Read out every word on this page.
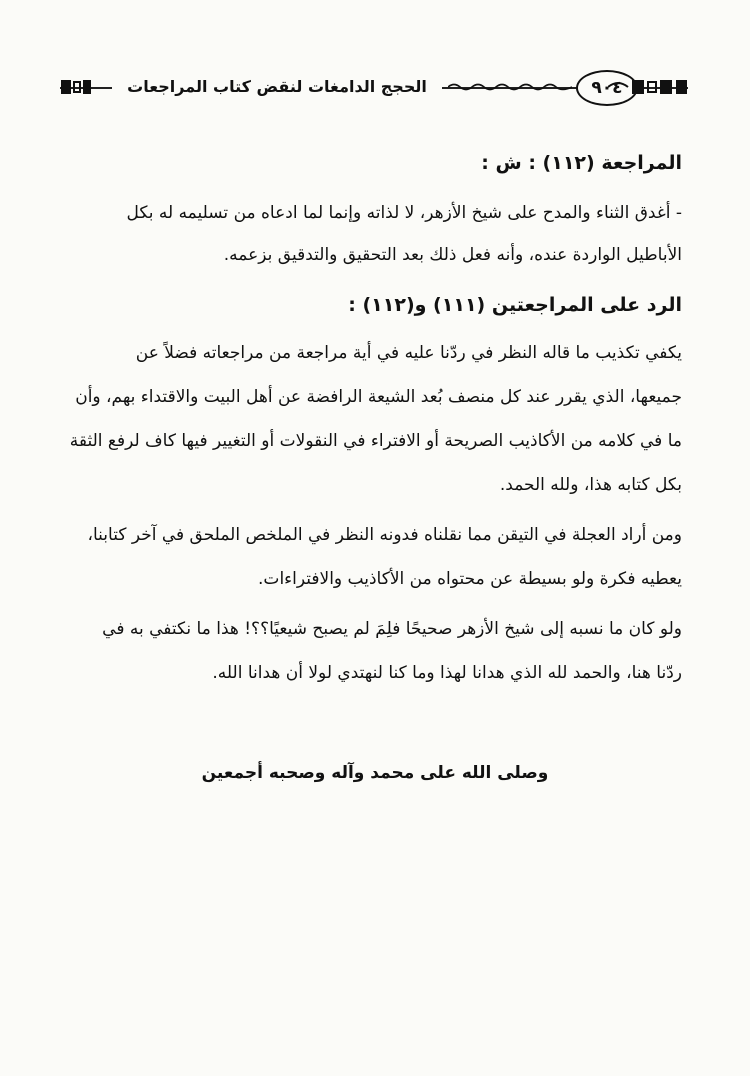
الحجج الدامغات لنقض كتاب المراجعات	٩٠٤
المراجعة (١١٢) : ش :
- أغدق الثناء والمدح على شيخ الأزهر، لا لذاته وإنما لما ادعاه من تسليمه له بكل
الأباطيل الواردة عنده، وأنه فعل ذلك بعد التحقيق والتدقيق بزعمه.
الرد على المراجعتين (١١١) و(١١٢) :
يكفي تكذيب ما قاله النظر في ردّنا عليه في أية مراجعة من مراجعاته فضلاً عن
جميعها، الذي يقرر عند كل منصف بُعد الشيعة الرافضة عن أهل البيت والاقتداء بهم، وأن
ما في كلامه من الأكاذيب الصريحة أو الافتراء في النقولات أو التغيير فيها كاف لرفع الثقة
بكل كتابه هذا، ولله الحمد.
ومن أراد العجلة في التيقن مما نقلناه فدونه النظر في الملخص الملحق في آخر كتابنا،
يعطيه فكرة ولو بسيطة عن محتواه من الأكاذيب والافتراءات.
ولو كان ما نسبه إلى شيخ الأزهر صحيحًا فلِمَ لم يصبح شيعيًا؟؟! هذا ما نكتفي به في
ردّنا هنا، والحمد لله الذي هدانا لهذا وما كنا لنهتدي لولا أن هدانا الله.
وصلى الله على محمد وآله وصحبه أجمعين
